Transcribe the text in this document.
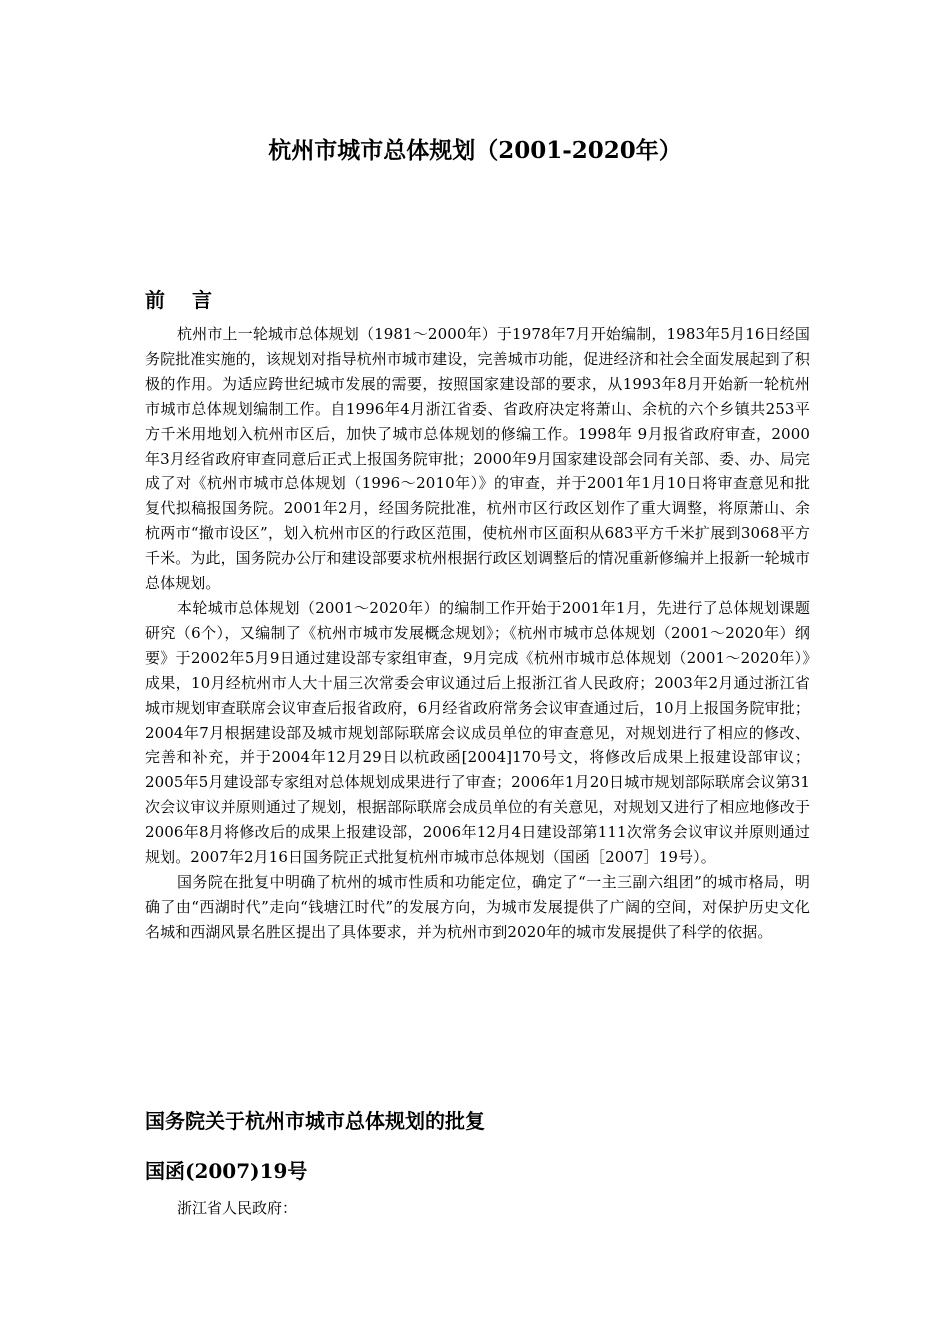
杭州市城市总体规划（2001-2020年）
前 言

杭州市上一轮城市总体规划（1981～2000年）于1978年7月开始编制，1983年5月16日经国务院批准实施的，该规划对指导杭州市城市建设，完善城市功能，促进经济和社会全面发展起到了积极的作用。为适应跨世纪城市发展的需要，按照国家建设部的要求，从1993年8月开始新一轮杭州市城市总体规划编制工作。自1996年4月浙江省委、省政府决定将萧山、余杭的六个乡镇共253平方千米用地划入杭州市区后，加快了城市总体规划的修编工作。1998年 9月报省政府审查，2000年3月经省政府审查同意后正式上报国务院审批；2000年9月国家建设部会同有关部、委、办、局完成了对《杭州市城市总体规划（1996～2010年）》的审查，并于2001年1月10日将审查意见和批复代拟稿报国务院。2001年2月，经国务院批准，杭州市区行政区划作了重大调整，将原萧山、余杭两市“撤市设区”，划入杭州市区的行政区范围，使杭州市区面积从683平方千米扩展到3068平方千米。为此，国务院办公厅和建设部要求杭州根据行政区划调整后的情况重新修编并上报新一轮城市总体规划。

本轮城市总体规划（2001～2020年）的编制工作开始于2001年1月，先进行了总体规划课题研究（6个），又编制了《杭州市城市发展概念规划》；《杭州市城市总体规划（2001～2020年）纲要》于2002年5月9日通过建设部专家组审查，9月完成《杭州市城市总体规划（2001～2020年）》成果，10月经杭州市人大十届三次常委会审议通过后上报浙江省人民政府；2003年2月通过浙江省城市规划审查联席会议审查后报省政府，6月经省政府常务会议审查通过后，10月上报国务院审批；2004年7月根据建设部及城市规划部际联席会议成员单位的审查意见，对规划进行了相应的修改、完善和补充，并于2004年12月29日以杭政函[2004]170号文，将修改后成果上报建设部审议；2005年5月建设部专家组对总体规划成果进行了审查；2006年1月20日城市规划部际联席会议第31次会议审议并原则通过了规划，根据部际联席会成员单位的有关意见，对规划又进行了相应地修改于2006年8月将修改后的成果上报建设部，2006年12月4日建设部第111次常务会议审议并原则通过规划。2007年2月16日国务院正式批复杭州市城市总体规划（国函［2007］19号）。

国务院在批复中明确了杭州的城市性质和功能定位，确定了“一主三副六组团”的城市格局，明确了由“西湖时代”走向“钱塘江时代”的发展方向，为城市发展提供了广阔的空间，对保护历史文化名城和西湖风景名胜区提出了具体要求，并为杭州市到2020年的城市发展提供了科学的依据。

国务院关于杭州市城市总体规划的批复
国函(2007)19号

浙江省人民政府：
